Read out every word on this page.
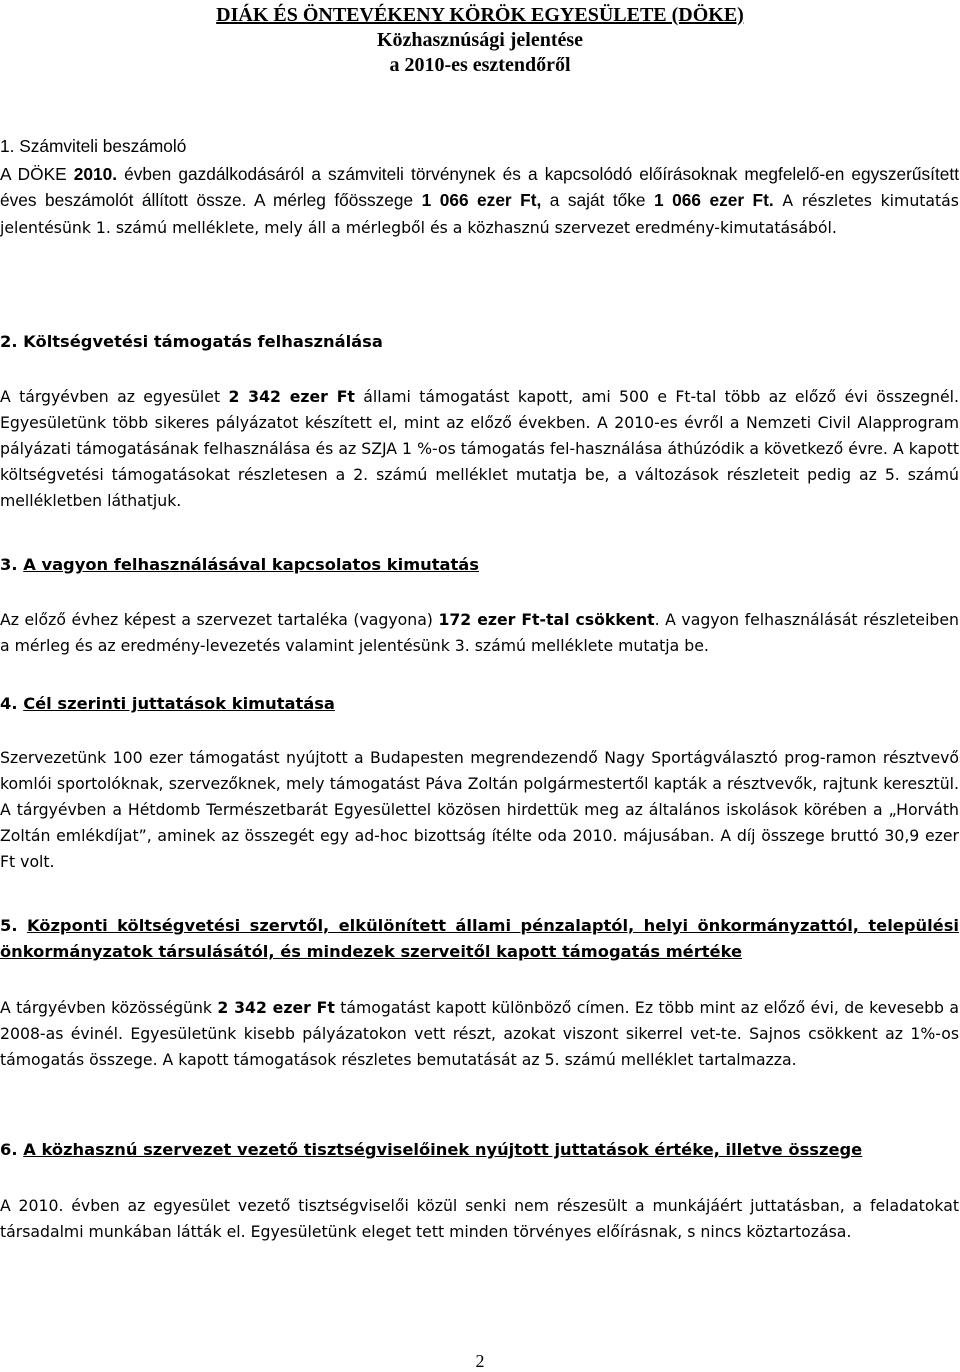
DIÁK ÉS ÖNTEVÉKENY KÖRÖK EGYESÜLETE (DÖKE)
Közhasznúsági jelentése
a 2010-es esztendőről
1. Számviteli beszámoló
A DÖKE 2010. évben gazdálkodásáról a számviteli törvénynek és a kapcsolódó előírásoknak megfelelő-en egyszerűsített éves beszámolót állított össze. A mérleg főösszege 1 066 ezer Ft, a saját tőke 1 066 ezer Ft. A részletes kimutatás jelentésünk 1. számú melléklete, mely áll a mérlegből és a közhasznú szervezet eredmény-kimutatásából.
2. Költségvetési támogatás felhasználása
A tárgyévben az egyesület 2 342 ezer Ft állami támogatást kapott, ami 500 e Ft-tal több az előző évi összegnél. Egyesületünk több sikeres pályázatot készített el, mint az előző években. A 2010-es évről a Nemzeti Civil Alapprogram pályázati támogatásának felhasználása és az SZJA 1 %-os támogatás fel-használása áthúzódik a következő évre. A kapott költségvetési támogatásokat részletesen a 2. számú melléklet mutatja be, a változások részleteit pedig az 5. számú mellékletben láthatjuk.
3. A vagyon felhasználásával kapcsolatos kimutatás
Az előző évhez képest a szervezet tartaléka (vagyona) 172 ezer Ft-tal csökkent. A vagyon felhasználását részleteiben a mérleg és az eredmény-levezetés valamint jelentésünk 3. számú melléklete mutatja be.
4. Cél szerinti juttatások kimutatása
Szervezetünk 100 ezer támogatást nyújtott a Budapesten megrendezendő Nagy Sportágválasztó prog-ramon résztvevő komlói sportolóknak, szervezőknek, mely támogatást Páva Zoltán polgármestertől kapták a résztvevők, rajtunk keresztül. A tárgyévben a Hétdomb Természetbarát Egyesülettel közösen hirdettük meg az általános iskolások körében a „Horváth Zoltán emlékdíjat”, aminek az összegét egy ad-hoc bizottság ítélte oda 2010. májusában. A díj összege bruttó 30,9 ezer Ft volt.
5. Központi költségvetési szervtől, elkülönített állami pénzalaptól, helyi önkormányzattól, települési önkormányzatok társulásától, és mindezek szerveitől kapott támogatás mértéke
A tárgyévben közösségünk 2 342 ezer Ft támogatást kapott különböző címen. Ez több mint az előző évi, de kevesebb a 2008-as évinél. Egyesületünk kisebb pályázatokon vett részt, azokat viszont sikerrel vet-te. Sajnos csökkent az 1%-os támogatás összege. A kapott támogatások részletes bemutatását az 5. számú melléklet tartalmazza.
6. A közhasznú szervezet vezető tisztségviselőinek nyújtott juttatások értéke, illetve összege
A 2010. évben az egyesület vezető tisztségviselői közül senki nem részesült a munkájáért juttatásban, a feladatokat társadalmi munkában látták el. Egyesületünk eleget tett minden törvényes előírásnak, s nincs köztartozása.
2
